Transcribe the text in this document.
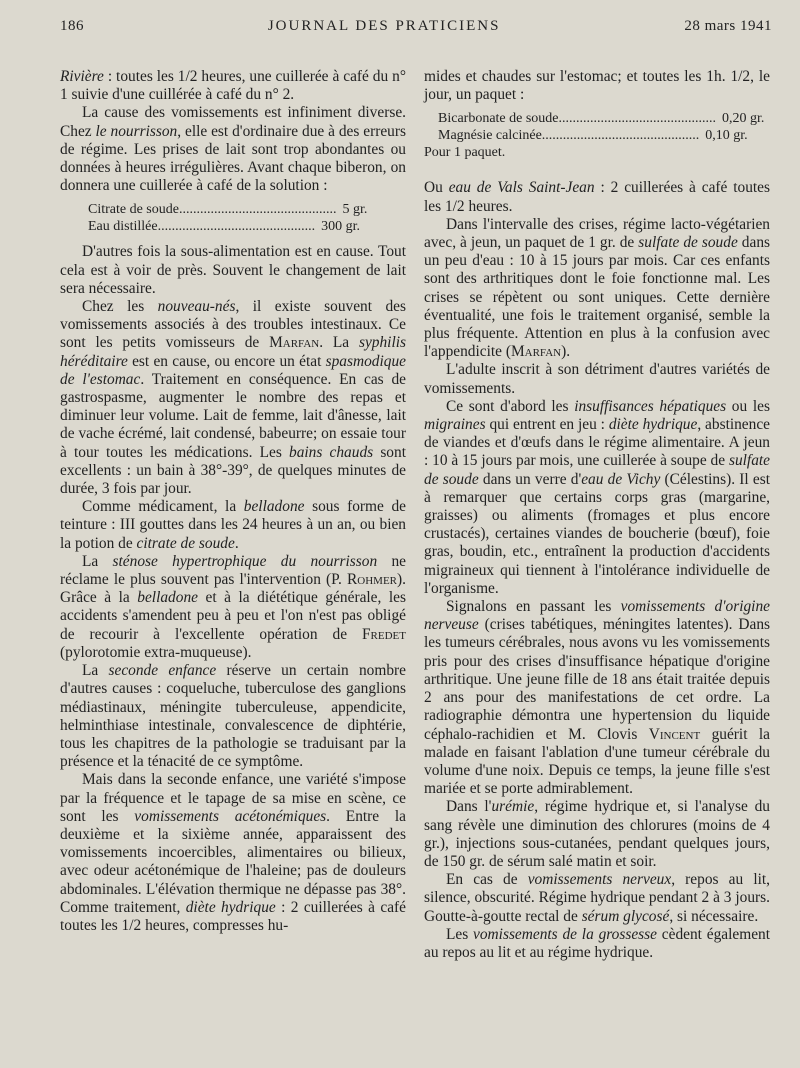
186	JOURNAL DES PRATICIENS	28 mars 1941

Rivière : toutes les 1/2 heures, une cuillerée à café du n° 1 suivie d'une cuillérée à café du n° 2.

La cause des vomissements est infiniment diverse. Chez le nourrisson, elle est d'ordinaire due à des erreurs de régime. Les prises de lait sont trop abondantes ou données à heures irrégulières. Avant chaque biberon, on donnera une cuillerée à café de la solution :

Citrate de soude ............................................. 5 gr.
Eau distillée ............................................. 300 gr.

D'autres fois la sous-alimentation est en cause. Tout cela est à voir de près. Souvent le changement de lait sera nécessaire.

Chez les nouveau-nés, il existe souvent des vomissements associés à des troubles intestinaux. Ce sont les petits vomisseurs de Marfan. La syphilis héréditaire est en cause, ou encore un état spasmodique de l'estomac. Traitement en conséquence. En cas de gastrospasme, augmenter le nombre des repas et diminuer leur volume. Lait de femme, lait d'ânesse, lait de vache écrémé, lait condensé, babeurre; on essaie tour à tour toutes les médications. Les bains chauds sont excellents : un bain à 38°-39°, de quelques minutes de durée, 3 fois par jour.

Comme médicament, la belladone sous forme de teinture : III gouttes dans les 24 heures à un an, ou bien la potion de citrate de soude.

La sténose hypertrophique du nourrisson ne réclame le plus souvent pas l'intervention (P. Rohmer). Grâce à la belladone et à la diététique générale, les accidents s'amendent peu à peu et l'on n'est pas obligé de recourir à l'excellente opération de Fredet (pylorotomie extra-muqueuse).

La seconde enfance réserve un certain nombre d'autres causes : coqueluche, tuberculose des ganglions médiastinaux, méningite tuberculeuse, appendicite, helminthiase intestinale, convalescence de diphtérie, tous les chapitres de la pathologie se traduisant par la présence et la ténacité de ce symptôme.

Mais dans la seconde enfance, une variété s'impose par la fréquence et le tapage de sa mise en scène, ce sont les vomissements acétonémiques. Entre la deuxième et la sixième année, apparaissent des vomissements incoercibles, alimentaires ou bilieux, avec odeur acétonémique de l'haleine; pas de douleurs abdominales. L'élévation thermique ne dépasse pas 38°. Comme traitement, diète hydrique : 2 cuillerées à café toutes les 1/2 heures, compresses hu-

mides et chaudes sur l'estomac; et toutes les 1h. 1/2, le jour, un paquet :

Bicarbonate de soude ............................................. 0,20 gr.
Magnésie calcinée ............................................. 0,10 gr.
Pour 1 paquet.

Ou eau de Vals Saint-Jean : 2 cuillerées à café toutes les 1/2 heures.

Dans l'intervalle des crises, régime lacto-végétarien avec, à jeun, un paquet de 1 gr. de sulfate de soude dans un peu d'eau : 10 à 15 jours par mois. Car ces enfants sont des arthritiques dont le foie fonctionne mal. Les crises se répètent ou sont uniques. Cette dernière éventualité, une fois le traitement organisé, semble la plus fréquente. Attention en plus à la confusion avec l'appendicite (Marfan).

L'adulte inscrit à son détriment d'autres variétés de vomissements.

Ce sont d'abord les insuffisances hépatiques ou les migraines qui entrent en jeu : diète hydrique, abstinence de viandes et d'œufs dans le régime alimentaire. A jeun : 10 à 15 jours par mois, une cuillerée à soupe de sulfate de soude dans un verre d'eau de Vichy (Célestins). Il est à remarquer que certains corps gras (margarine, graisses) ou aliments (fromages et plus encore crustacés), certaines viandes de boucherie (bœuf), foie gras, boudin, etc., entraînent la production d'accidents migraineux qui tiennent à l'intolérance individuelle de l'organisme.

Signalons en passant les vomissements d'origine nerveuse (crises tabétiques, méningites latentes). Dans les tumeurs cérébrales, nous avons vu les vomissements pris pour des crises d'insuffisance hépatique d'origine arthritique. Une jeune fille de 18 ans était traitée depuis 2 ans pour des manifestations de cet ordre. La radiographie démontra une hypertension du liquide céphalo-rachidien et M. Clovis Vincent guérit la malade en faisant l'ablation d'une tumeur cérébrale du volume d'une noix. Depuis ce temps, la jeune fille s'est mariée et se porte admirablement.

Dans l'urémie, régime hydrique et, si l'analyse du sang révèle une diminution des chlorures (moins de 4 gr.), injections sous-cutanées, pendant quelques jours, de 150 gr. de sérum salé matin et soir.

En cas de vomissements nerveux, repos au lit, silence, obscurité. Régime hydrique pendant 2 à 3 jours. Goutte-à-goutte rectal de sérum glycosé, si nécessaire.

Les vomissements de la grossesse cèdent également au repos au lit et au régime hydrique.
